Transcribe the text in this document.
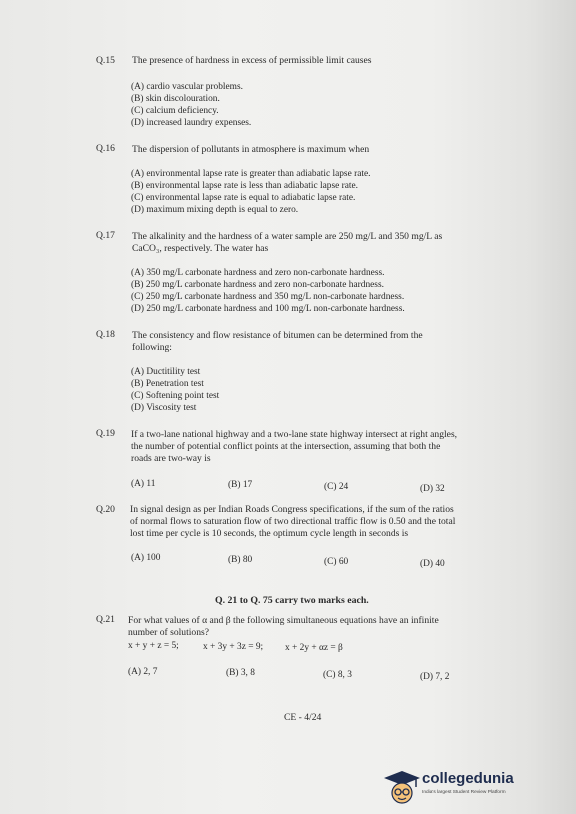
Q.15 The presence of hardness in excess of permissible limit causes
(A) cardio vascular problems.
(B) skin discolouration.
(C) calcium deficiency.
(D) increased laundry expenses.
Q.16 The dispersion of pollutants in atmosphere is maximum when
(A) environmental lapse rate is greater than adiabatic lapse rate.
(B) environmental lapse rate is less than adiabatic lapse rate.
(C) environmental lapse rate is equal to adiabatic lapse rate.
(D) maximum mixing depth is equal to zero.
Q.17 The alkalinity and the hardness of a water sample are 250 mg/L and 350 mg/L as
CaCO₃, respectively. The water has
(A) 350 mg/L carbonate hardness and zero non-carbonate hardness.
(B) 250 mg/L carbonate hardness and zero non-carbonate hardness.
(C) 250 mg/L carbonate hardness and 350 mg/L non-carbonate hardness.
(D) 250 mg/L carbonate hardness and 100 mg/L non-carbonate hardness.
Q.18 The consistency and flow resistance of bitumen can be determined from the
following:
(A) Ductitility test
(B) Penetration test
(C) Softening point test
(D) Viscosity test
Q.19 If a two-lane national highway and a two-lane state highway intersect at right angles,
the number of potential conflict points at the intersection, assuming that both the
roads are two-way is
(A) 11	(B) 17	(C) 24	(D) 32
Q.20 In signal design as per Indian Roads Congress specifications, if the sum of the ratios
of normal flows to saturation flow of two directional traffic flow is 0.50 and the total
lost time per cycle is 10 seconds, the optimum cycle length in seconds is
(A) 100	(B) 80	(C) 60	(D) 40
Q. 21 to Q. 75 carry two marks each.
Q.21 For what values of α and β the following simultaneous equations have an infinite
number of solutions?
x + y + z = 5;	x + 3y + 3z = 9; x + 2y + αz = β
(A) 2, 7	(B) 3, 8	(C) 8, 3	(D) 7, 2
CE - 4/24
collegedunia
India's largest Student Review Platform
